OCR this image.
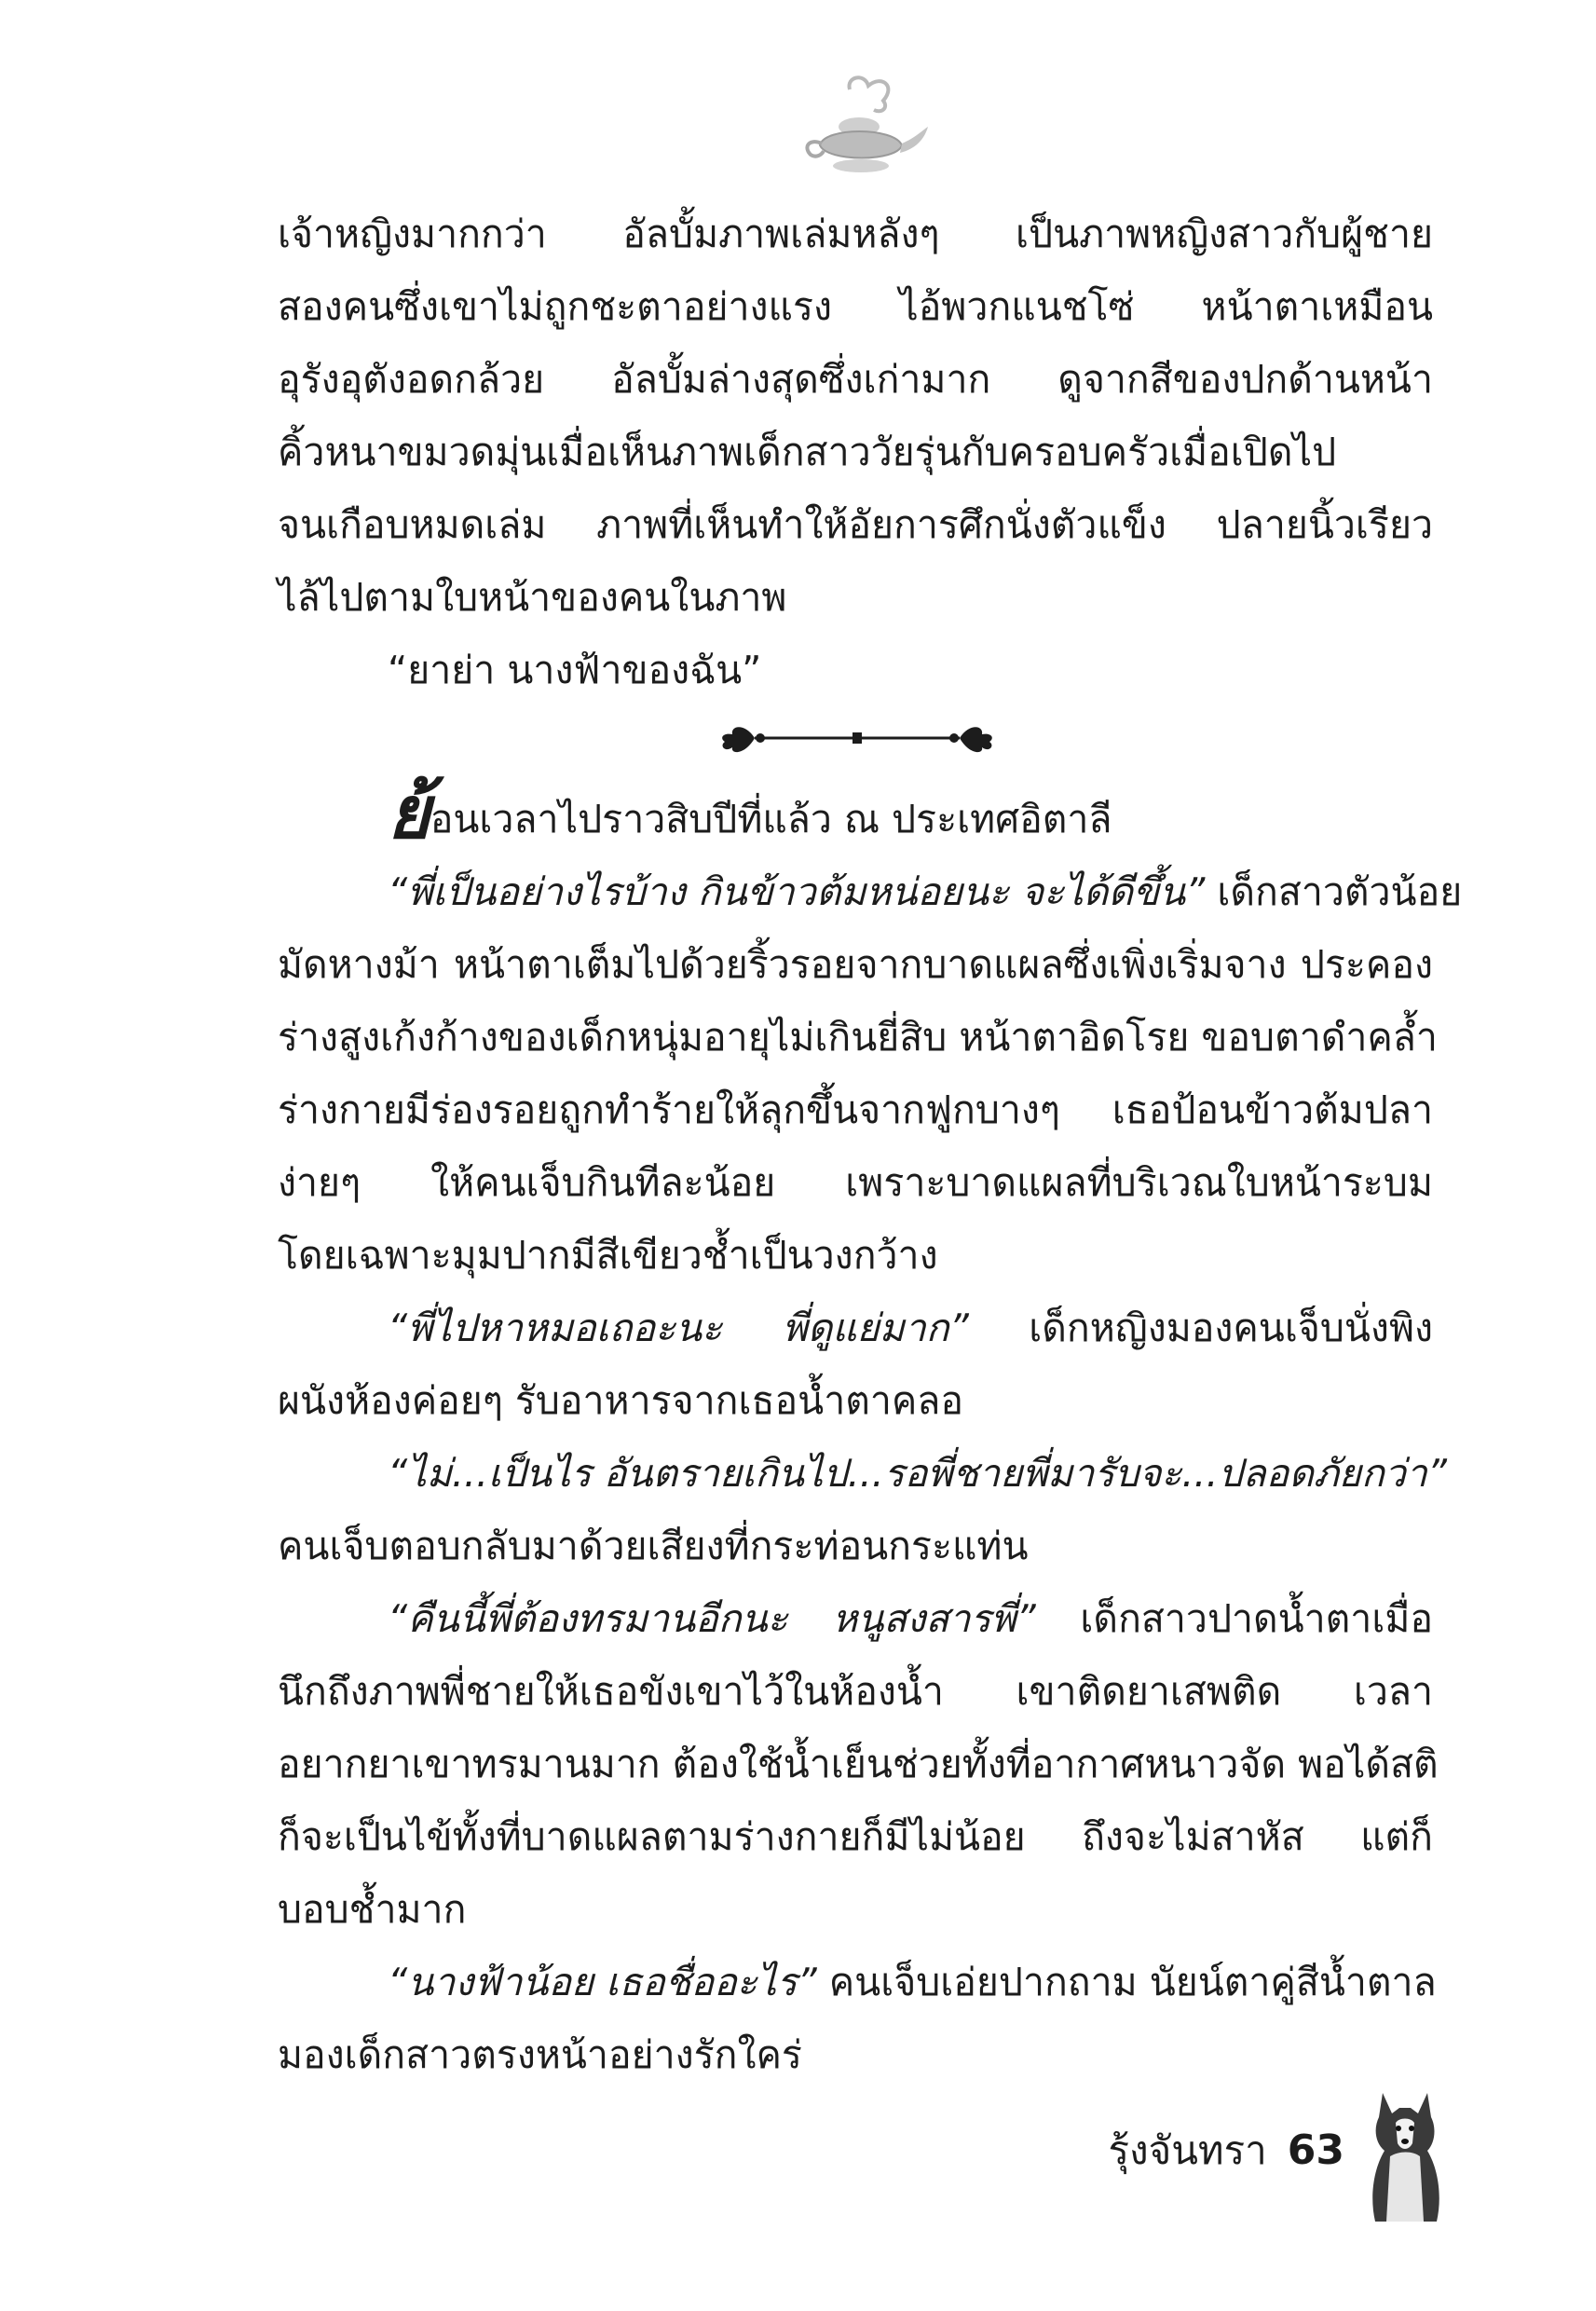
เจ้าหญิงมากกว่า อัลบั้มภาพเล่มหลังๆ เป็นภาพหญิงสาวกับผู้ชาย
สองคนซึ่งเขาไม่ถูกชะตาอย่างแรง ไอ้พวกแนชโซ่ หน้าตาเหมือน
อุรังอุตังอดกล้วย อัลบั้มล่างสุดซึ่งเก่ามาก ดูจากสีของปกด้านหน้า
คิ้วหนาขมวดมุ่นเมื่อเห็นภาพเด็กสาววัยรุ่นกับครอบครัวเมื่อเปิดไป
จนเกือบหมดเล่ม ภาพที่เห็นทำให้อัยการศึกนั่งตัวแข็ง ปลายนิ้วเรียว
ไล้ไปตามใบหน้าของคนในภาพ
“ยาย่า นางฟ้าของฉัน”
ย้อนเวลาไปราวสิบปีที่แล้ว ณ ประเทศอิตาลี
“พี่เป็นอย่างไรบ้าง กินข้าวต้มหน่อยนะ จะได้ดีขึ้น” เด็กสาวตัวน้อย
มัดหางม้า หน้าตาเต็มไปด้วยริ้วรอยจากบาดแผลซึ่งเพิ่งเริ่มจาง ประคอง
ร่างสูงเก้งก้างของเด็กหนุ่มอายุไม่เกินยี่สิบ หน้าตาอิดโรย ขอบตาดำคล้ำ
ร่างกายมีร่องรอยถูกทำร้ายให้ลุกขึ้นจากฟูกบางๆ เธอป้อนข้าวต้มปลา
ง่ายๆ ให้คนเจ็บกินทีละน้อย เพราะบาดแผลที่บริเวณใบหน้าระบม
โดยเฉพาะมุมปากมีสีเขียวช้ำเป็นวงกว้าง
“พี่ไปหาหมอเถอะนะ พี่ดูแย่มาก” เด็กหญิงมองคนเจ็บนั่งพิง
ผนังห้องค่อยๆ รับอาหารจากเธอน้ำตาคลอ
“ไม่...เป็นไร อันตรายเกินไป...รอพี่ชายพี่มารับจะ...ปลอดภัยกว่า”
คนเจ็บตอบกลับมาด้วยเสียงที่กระท่อนกระแท่น
“คืนนี้พี่ต้องทรมานอีกนะ หนูสงสารพี่” เด็กสาวปาดน้ำตาเมื่อ
นึกถึงภาพพี่ชายให้เธอขังเขาไว้ในห้องน้ำ เขาติดยาเสพติด เวลา
อยากยาเขาทรมานมาก ต้องใช้น้ำเย็นช่วยทั้งที่อากาศหนาวจัด พอได้สติ
ก็จะเป็นไข้ทั้งที่บาดแผลตามร่างกายก็มีไม่น้อย ถึงจะไม่สาหัส แต่ก็
บอบช้ำมาก
“นางฟ้าน้อย เธอชื่ออะไร” คนเจ็บเอ่ยปากถาม นัยน์ตาคู่สีน้ำตาล
มองเด็กสาวตรงหน้าอย่างรักใคร่
รุ้งจันทรา 63
